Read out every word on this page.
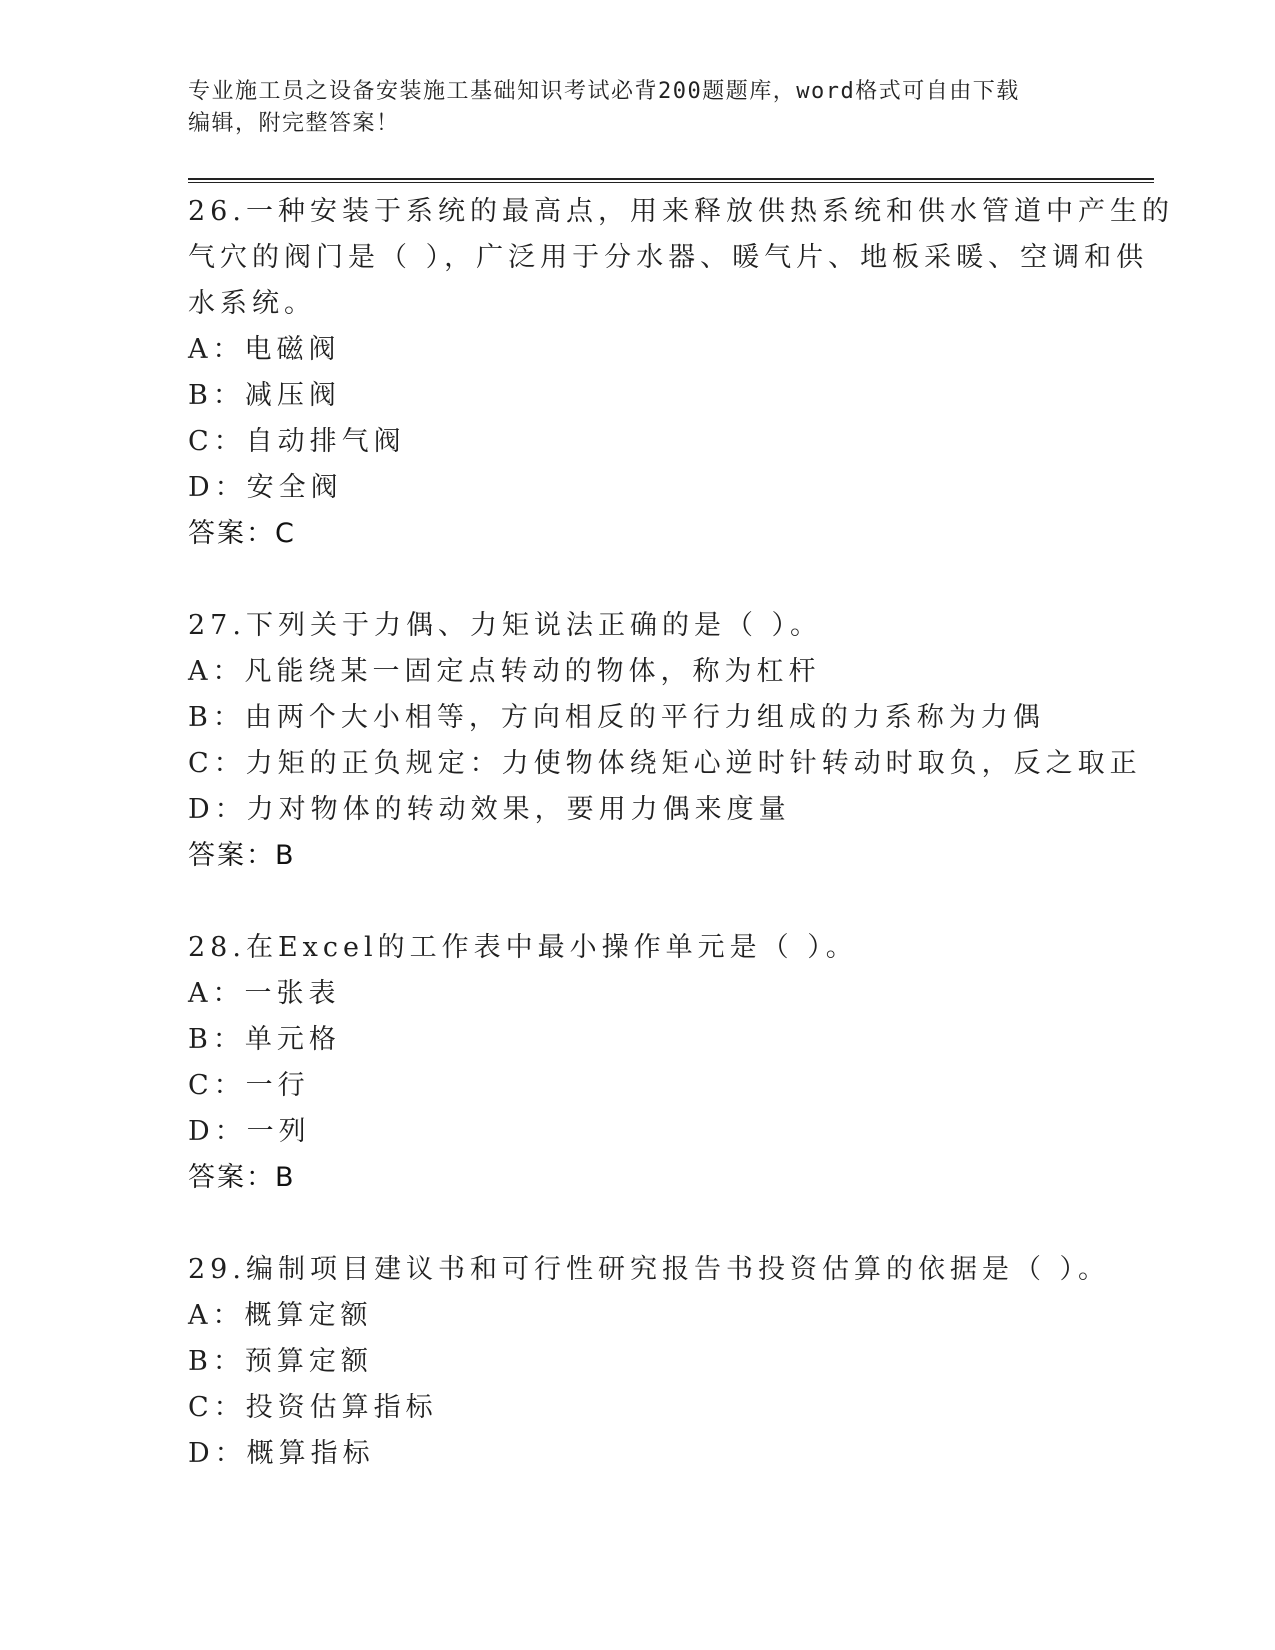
专业施工员之设备安装施工基础知识考试必背200题题库，word格式可自由下载
编辑，附完整答案！
26.一种安装于系统的最高点，用来释放供热系统和供水管道中产生的
气穴的阀门是（ ），广泛用于分水器、暖气片、地板采暖、空调和供
水系统。
A：电磁阀
B：减压阀
C：自动排气阀
D：安全阀
答案：C
27.下列关于力偶、力矩说法正确的是（ ）。
A：凡能绕某一固定点转动的物体，称为杠杆
B：由两个大小相等，方向相反的平行力组成的力系称为力偶
C：力矩的正负规定：力使物体绕矩心逆时针转动时取负，反之取正
D：力对物体的转动效果，要用力偶来度量
答案：B
28.在Excel的工作表中最小操作单元是（ ）。
A：一张表
B：单元格
C：一行
D：一列
答案：B
29.编制项目建议书和可行性研究报告书投资估算的依据是（ ）。
A：概算定额
B：预算定额
C：投资估算指标
D：概算指标
